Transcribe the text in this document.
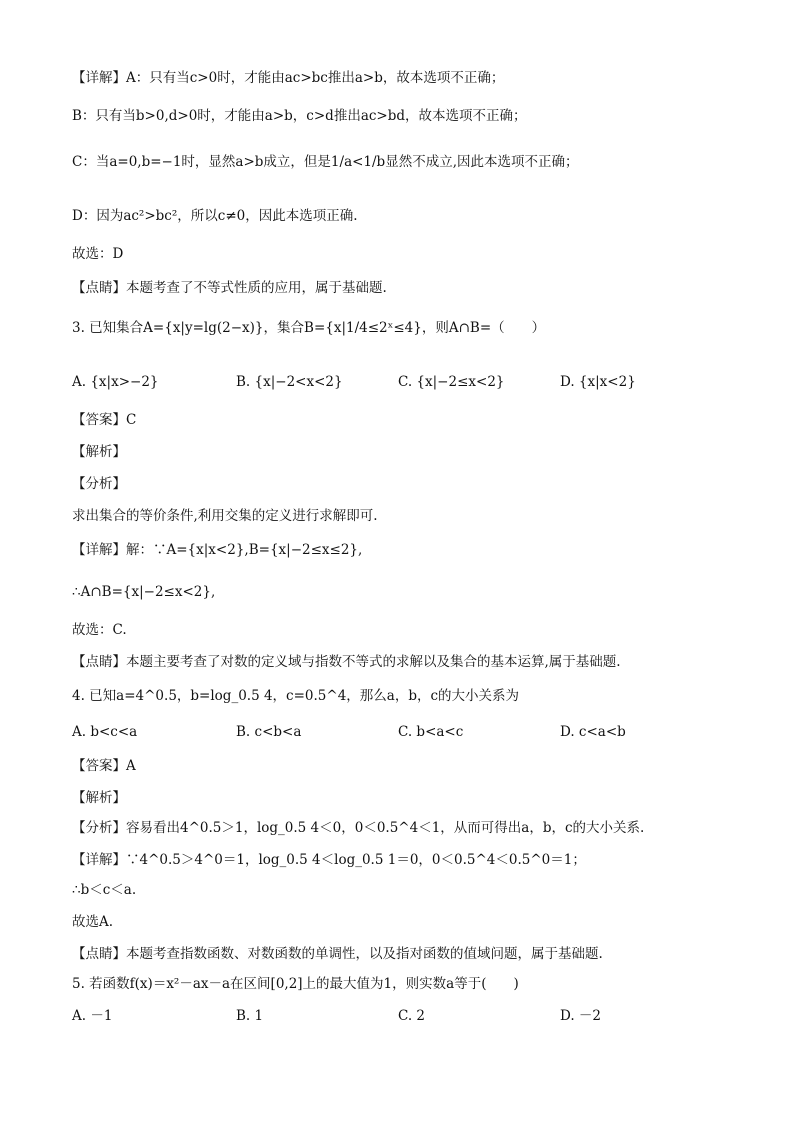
【详解】A：只有当c>0时，才能由ac>bc推出a>b，故本选项不正确；
B：只有当b>0,d>0时，才能由a>b，c>d推出ac>bd，故本选项不正确；
C：当a=0,b=−1时，显然a>b成立，但是1/a<1/b显然不成立,因此本选项不正确；
D：因为ac²>bc²，所以c≠0，因此本选项正确.
故选：D
【点睛】本题考查了不等式性质的应用，属于基础题.
3. 已知集合A={x|y=lg(2−x)}，集合B={x|1/4≤2ˣ≤4}，则A∩B=（　　）
A. {x|x>−2}	B. {x|−2<x<2}	C. {x|−2≤x<2}	D. {x|x<2}
【答案】C
【解析】
【分析】
求出集合的等价条件,利用交集的定义进行求解即可.
【详解】解：∵A={x|x<2},B={x|−2≤x≤2},
∴A∩B={x|−2≤x<2},
故选：C.
【点睛】本题主要考查了对数的定义域与指数不等式的求解以及集合的基本运算,属于基础题.
4. 已知a=4^0.5，b=log_0.5 4，c=0.5^4，那么a，b，c的大小关系为
A. b<c<a	B. c<b<a	C. b<a<c	D. c<a<b
【答案】A
【解析】
【分析】容易看出4^0.5＞1，log_0.5 4＜0，0＜0.5^4＜1，从而可得出a，b，c的大小关系.
【详解】∵4^0.5＞4^0＝1，log_0.5 4＜log_0.5 1＝0，0＜0.5^4＜0.5^0＝1；
∴b＜c＜a.
故选A.
【点睛】本题考查指数函数、对数函数的单调性，以及指对函数的值域问题，属于基础题.
5. 若函数f(x)＝x²－ax－a在区间[0,2]上的最大值为1，则实数a等于(　　)
A. －1	B. 1	C. 2	D. －2
